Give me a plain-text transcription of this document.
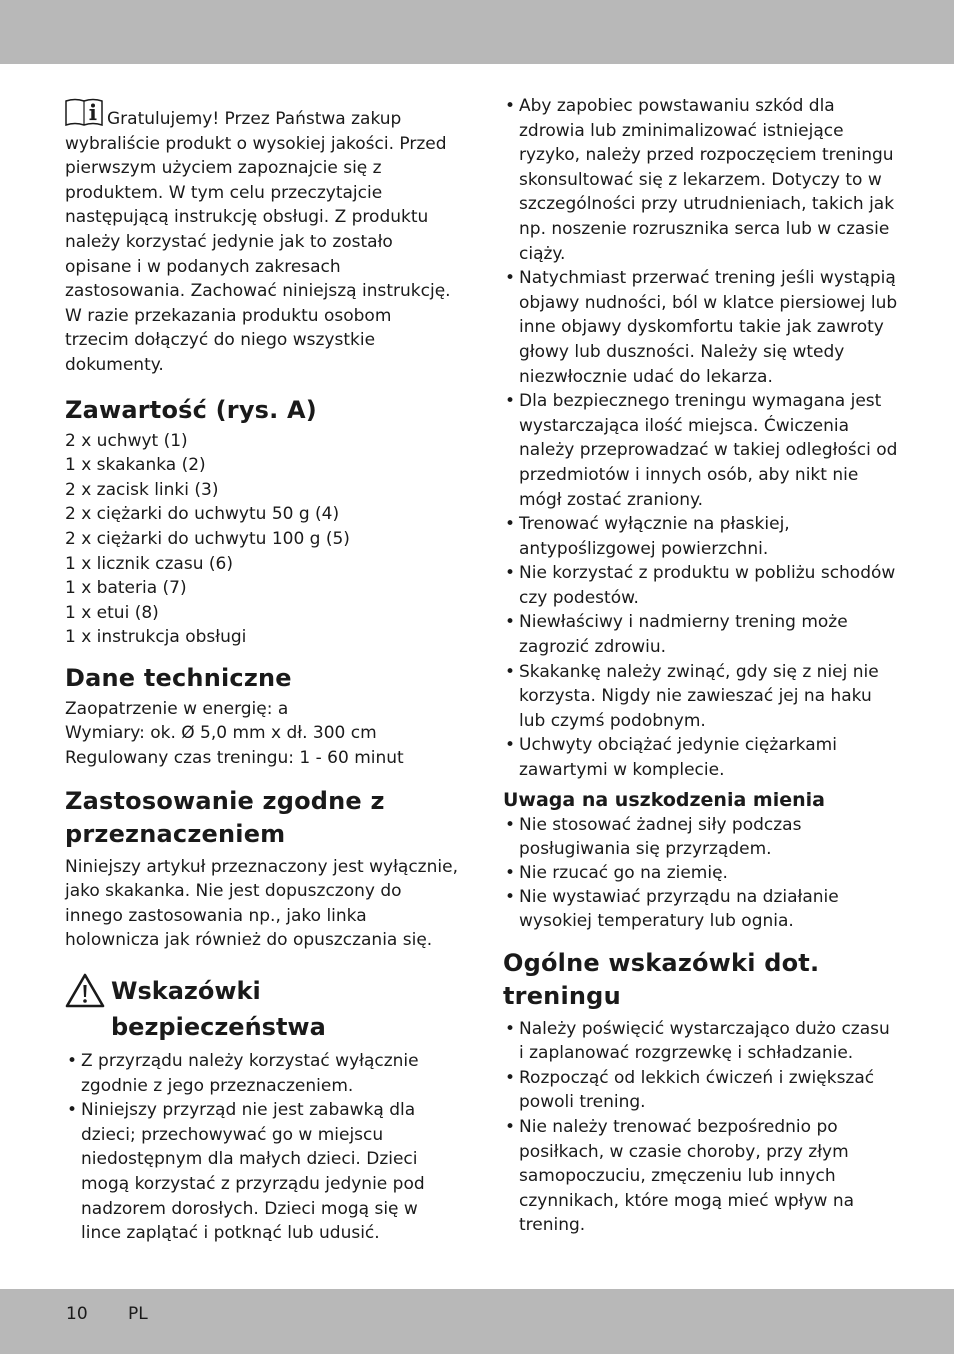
Gratulujemy! Przez Państwa zakup wybraliście produkt o wysokiej jakości. Przed pierwszym użyciem zapoznajcie się z produktem. W tym celu przeczytajcie następującą instrukcję obsługi. Z produktu należy korzystać jedynie jak to zostało opisane i w podanych zakresach zastosowania. Zachować niniejszą instrukcję. W razie przekazania produktu osobom trzecim dołączyć do niego wszystkie dokumenty.

Zawartość (rys. A)
2 x uchwyt (1)
1 x skakanka (2)
2 x zacisk linki (3)
2 x ciężarki do uchwytu 50 g (4)
2 x ciężarki do uchwytu 100 g (5)
1 x licznik czasu (6)
1 x bateria (7)
1 x etui (8)
1 x instrukcja obsługi
Dane techniczne
Zaopatrzenie w energię: a
Wymiary: ok. Ø 5,0 mm x dł. 300 cm
Regulowany czas treningu: 1 - 60 minut
Zastosowanie zgodne z
przeznaczeniem

Niniejszy artykuł przeznaczony jest wyłącznie, jako skakanka. Nie jest dopuszczony do innego zastosowania np., jako linka holownicza jak również do opuszczania się.

Wskazówki
bezpieczeństwa
• Z przyrządu należy korzystać wyłącznie zgodnie z jego przeznaczeniem.
• Niniejszy przyrząd nie jest zabawką dla dzieci; przechowywać go w miejscu niedostępnym dla małych dzieci. Dzieci mogą korzystać z przyrządu jedynie pod nadzorem dorosłych. Dzieci mogą się w lince zaplątać i potknąć lub udusić.
• Aby zapobiec powstawaniu szkód dla zdrowia lub zminimalizować istniejące ryzyko, należy przed rozpoczęciem treningu skonsultować się z lekarzem. Dotyczy to w szczególności przy utrudnieniach, takich jak np. noszenie rozrusznika serca lub w czasie ciąży.
• Natychmiast przerwać trening jeśli wystąpią objawy nudności, ból w klatce piersiowej lub inne objawy dyskomfortu takie jak zawroty głowy lub duszności. Należy się wtedy niezwłocznie udać do lekarza.
• Dla bezpiecznego treningu wymagana jest wystarczająca ilość miejsca. Ćwiczenia należy przeprowadzać w takiej odległości od przedmiotów i innych osób, aby nikt nie mógł zostać zraniony.
• Trenować wyłącznie na płaskiej, antypoślizgowej powierzchni.
• Nie korzystać z produktu w pobliżu schodów czy podestów.
• Niewłaściwy i nadmierny trening może zagrozić zdrowiu.
• Skakankę należy zwinąć, gdy się z niej nie korzysta. Nigdy nie zawieszać jej na haku lub czymś podobnym.
• Uchwyty obciążać jedynie ciężarkami zawartymi w komplecie.
Uwaga na uszkodzenia mienia
• Nie stosować żadnej siły podczas posługiwania się przyrządem.
• Nie rzucać go na ziemię.
• Nie wystawiać przyrządu na działanie wysokiej temperatury lub ognia.
Ogólne wskazówki dot.
treningu
• Należy poświęcić wystarczająco dużo czasu i zaplanować rozgrzewkę i schładzanie.
• Rozpocząć od lekkich ćwiczeń i zwiększać powoli trening.
• Nie należy trenować bezpośrednio po posiłkach, w czasie choroby, przy złym samopoczuciu, zmęczeniu lub innych czynnikach, które mogą mieć wpływ na trening.
10 PL
